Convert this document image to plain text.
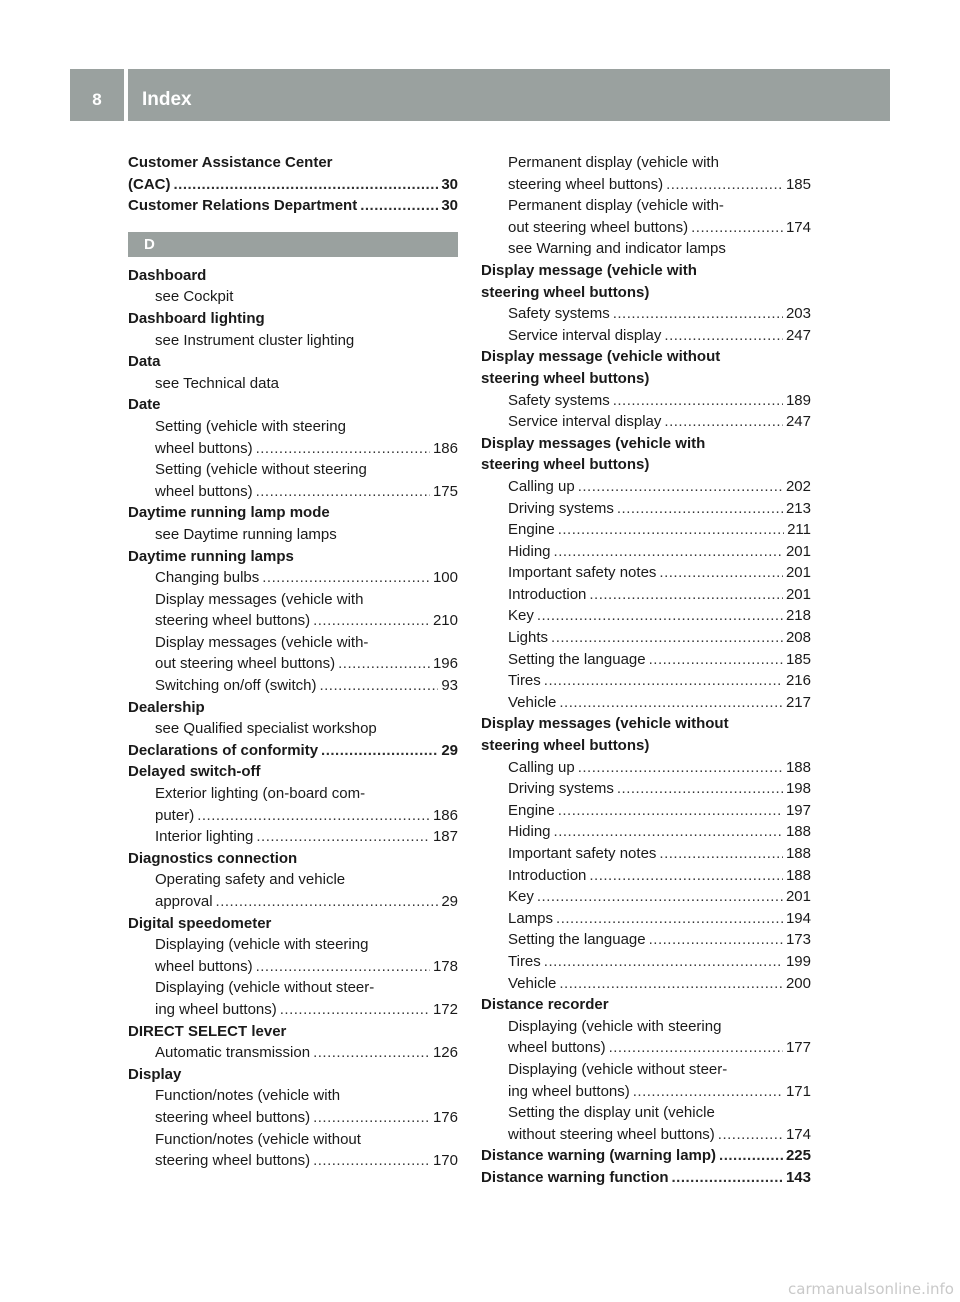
8	Index
Customer Assistance Center
(CAC) .....	30
Customer Relations Department .....	30
D
Dashboard
see Cockpit
Dashboard lighting
see Instrument cluster lighting
Data
see Technical data
Date
Setting (vehicle with steering
wheel buttons) .....	186
Setting (vehicle without steering
wheel buttons) .....	175
Daytime running lamp mode
see Daytime running lamps
Daytime running lamps
Changing bulbs .....	100
Display messages (vehicle with
steering wheel buttons) .....	210
Display messages (vehicle with-
out steering wheel buttons) .....	196
Switching on/off (switch) .....	93
Dealership
see Qualified specialist workshop
Declarations of conformity .....	29
Delayed switch-off
Exterior lighting (on-board com-
puter) .....	186
Interior lighting .....	187
Diagnostics connection
Operating safety and vehicle
approval .....	29
Digital speedometer
Displaying (vehicle with steering
wheel buttons) .....	178
Displaying (vehicle without steer-
ing wheel buttons) .....	172
DIRECT SELECT lever
Automatic transmission .....	126
Display
Function/notes (vehicle with
steering wheel buttons) .....	176
Function/notes (vehicle without
steering wheel buttons) .....	170
Permanent display (vehicle with
steering wheel buttons) .....	185
Permanent display (vehicle with-
out steering wheel buttons) .....	174
see Warning and indicator lamps
Display message (vehicle with
steering wheel buttons)
Safety systems .....	203
Service interval display .....	247
Display message (vehicle without
steering wheel buttons)
Safety systems .....	189
Service interval display .....	247
Display messages (vehicle with
steering wheel buttons)
Calling up .....	202
Driving systems .....	213
Engine .....	211
Hiding .....	201
Important safety notes .....	201
Introduction .....	201
Key .....	218
Lights .....	208
Setting the language .....	185
Tires .....	216
Vehicle .....	217
Display messages (vehicle without
steering wheel buttons)
Calling up .....	188
Driving systems .....	198
Engine .....	197
Hiding .....	188
Important safety notes .....	188
Introduction .....	188
Key .....	201
Lamps .....	194
Setting the language .....	173
Tires .....	199
Vehicle .....	200
Distance recorder
Displaying (vehicle with steering
wheel buttons) .....	177
Displaying (vehicle without steer-
ing wheel buttons) .....	171
Setting the display unit (vehicle
without steering wheel buttons) .....	174
Distance warning (warning lamp) .....	225
Distance warning function .....	143
carmanualsonline.info
